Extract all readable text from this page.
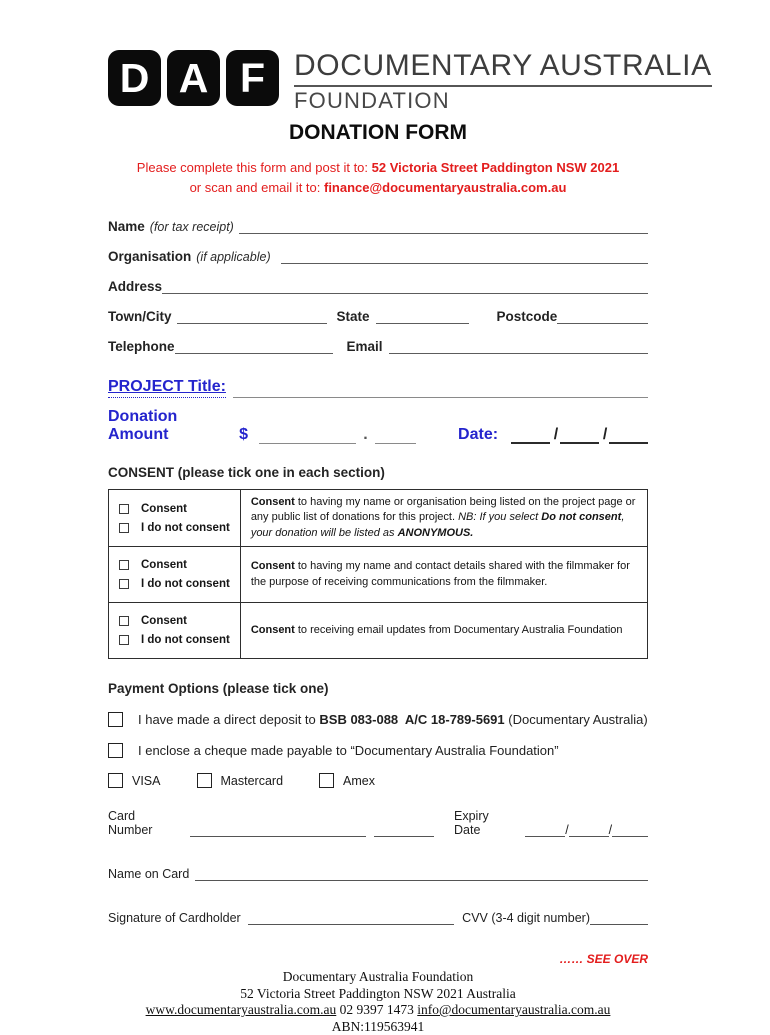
D A F DOCUMENTARY AUSTRALIA
FOUNDATION
DONATION FORM
Please complete this form and post it to: 52 Victoria Street Paddington NSW 2021
or scan and email it to: finance@documentaryaustralia.com.au
Name (for tax receipt)
Organisation (if applicable)
Address
Town/City	State	Postcode
Telephone	Email
PROJECT Title:
Donation Amount	$	.	Date:	/	/
CONSENT (please tick one in each section)
Consent
I do not consent	Consent to having my name or organisation being listed on the project page or any public list of donations for this project. NB: If you select Do not consent, your donation will be listed as ANONYMOUS.

Consent
I do not consent	Consent to having my name and contact details shared with the filmmaker for the purpose of receiving communications from the filmmaker.

Consent
I do not consent	Consent to receiving email updates from Documentary Australia Foundation
Payment Options (please tick one)
I have made a direct deposit to BSB 083-088  A/C 18-789-5691 (Documentary Australia)
I enclose a cheque made payable to “Documentary Australia Foundation”
VISA	Mastercard	Amex
Card Number
Expiry Date	/	/
Name on Card
Signature of Cardholder	CVV (3-4 digit number)
…… SEE OVER
Documentary Australia Foundation
52 Victoria Street Paddington NSW 2021 Australia
www.documentaryaustralia.com.au 02 9397 1473 info@documentaryaustralia.com.au ABN:119563941
